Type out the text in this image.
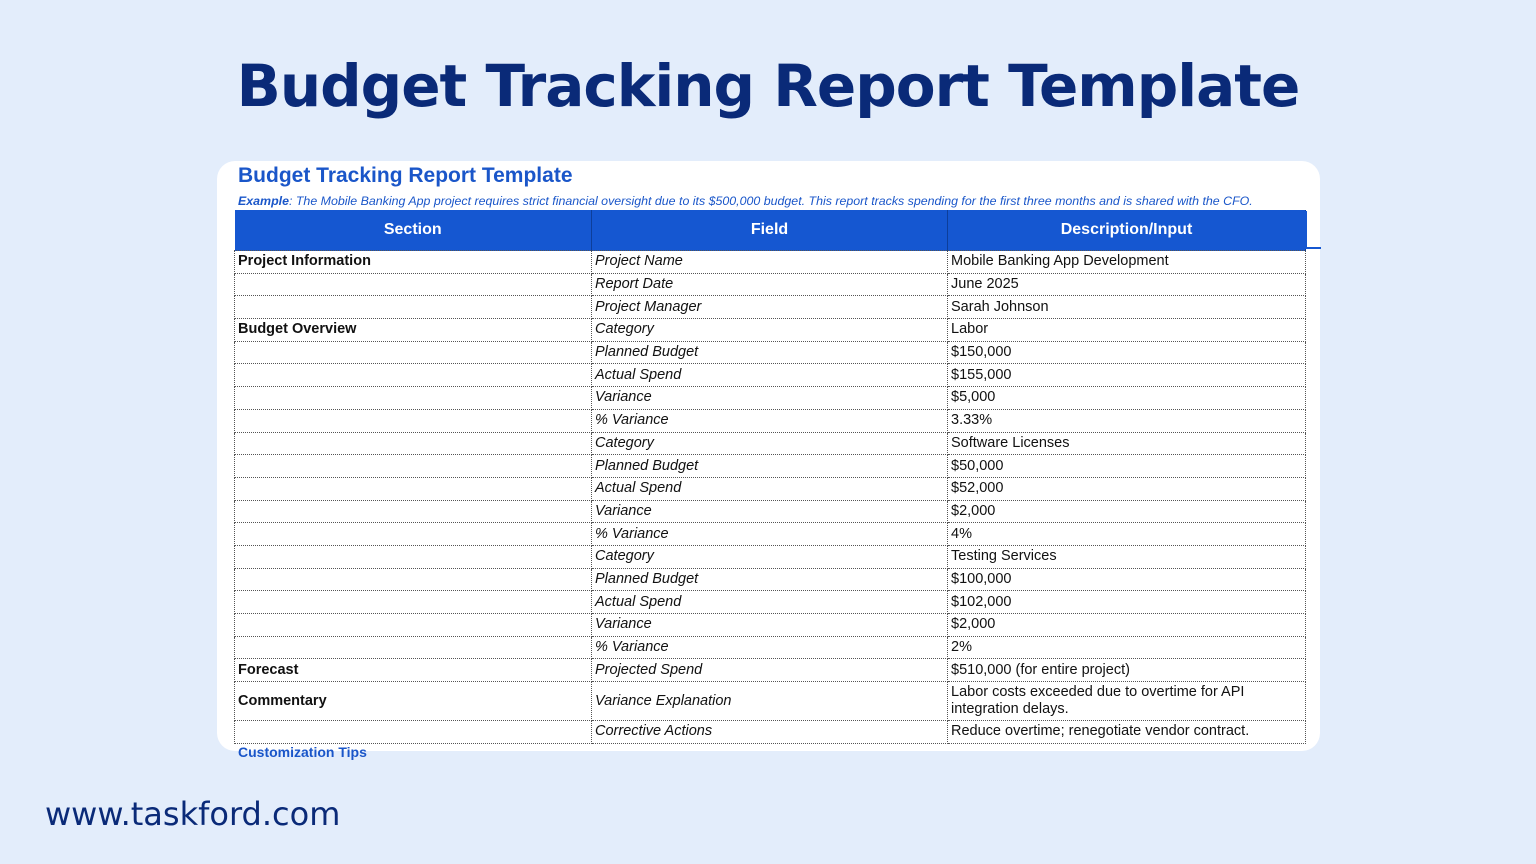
Budget Tracking Report Template
Budget Tracking Report Template
Example: The Mobile Banking App project requires strict financial oversight due to its $500,000 budget. This report tracks spending for the first three months and is shared with the CFO.
Section	Field	Description/Input
Project Information	Project Name	Mobile Banking App Development
	Report Date	June 2025
	Project Manager	Sarah Johnson
Budget Overview	Category	Labor
	Planned Budget	$150,000
	Actual Spend	$155,000
	Variance	$5,000
	% Variance	3.33%
	Category	Software Licenses
	Planned Budget	$50,000
	Actual Spend	$52,000
	Variance	$2,000
	% Variance	4%
	Category	Testing Services
	Planned Budget	$100,000
	Actual Spend	$102,000
	Variance	$2,000
	% Variance	2%
Forecast	Projected Spend	$510,000 (for entire project)
Commentary	Variance Explanation	Labor costs exceeded due to overtime for API integration delays.
	Corrective Actions	Reduce overtime; renegotiate vendor contract.
Customization Tips
www.taskford.com
